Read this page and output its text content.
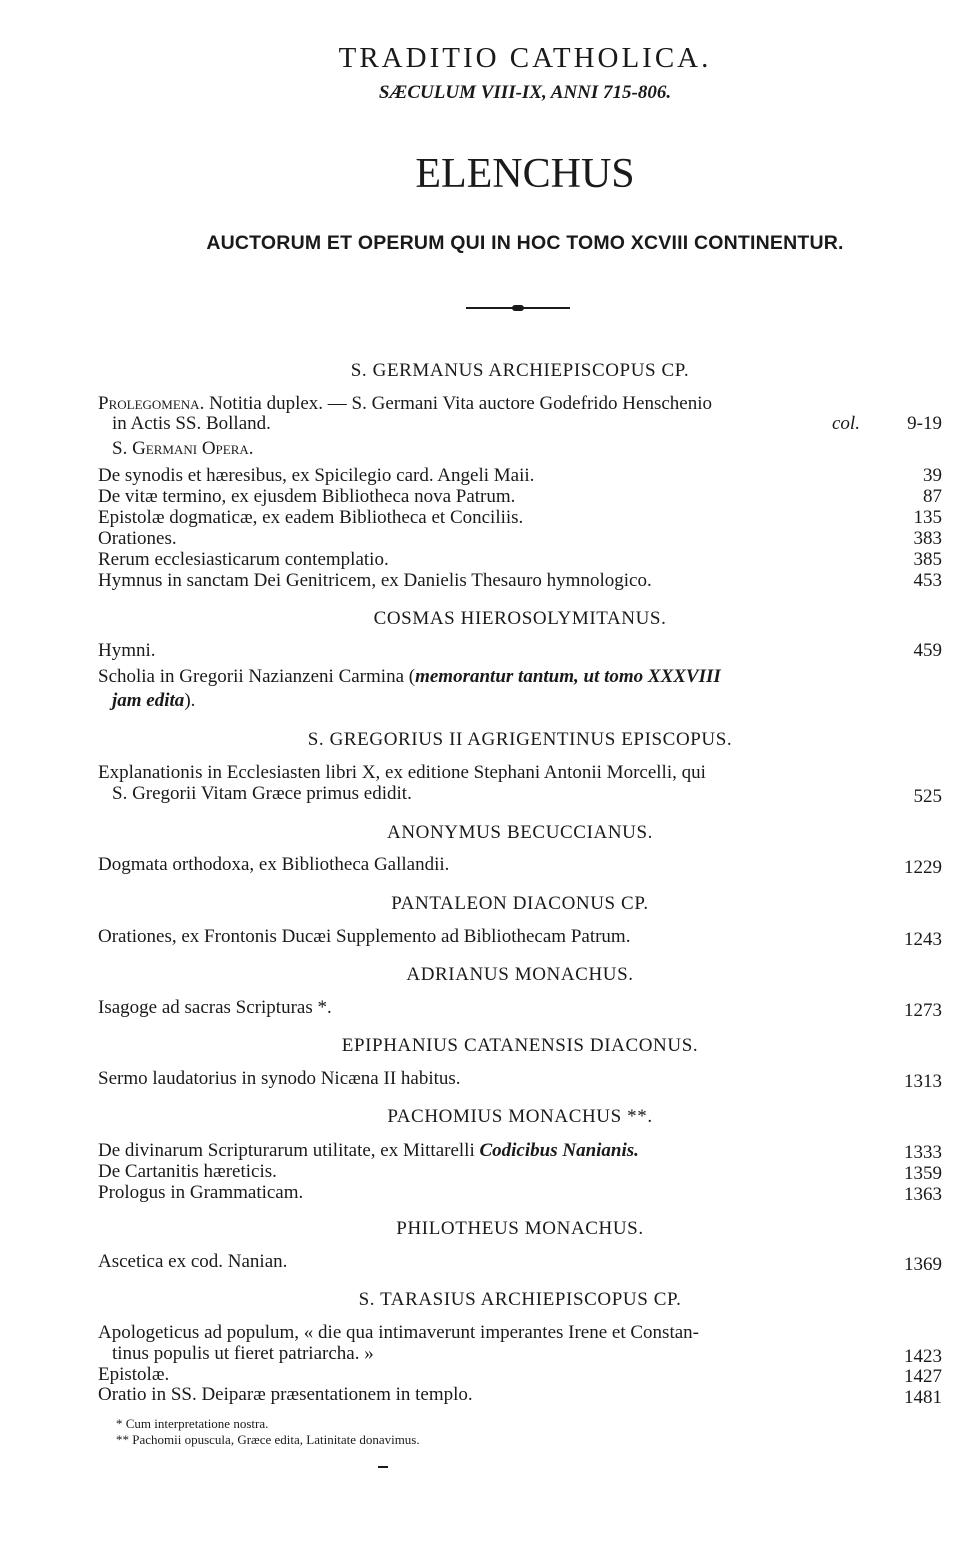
TRADITIO CATHOLICA.
SÆCULUM VIII-IX, ANNI 715-806.
ELENCHUS
AUCTORUM ET OPERUM QUI IN HOC TOMO XCVIII CONTINENTUR.
S. GERMANUS ARCHIEPISCOPUS CP.
Prolegomena. Notitia duplex. — S. Germani Vita auctore Godefrido Henschenio
in Actis SS. Bolland.	col. 9-19
S. Germani Opera.
De synodis et hæresibus, ex Spicilegio card. Angeli Maii.	39
De vitæ termino, ex ejusdem Bibliotheca nova Patrum.	87
Epistolæ dogmaticæ, ex eadem Bibliotheca et Conciliis.	135
Orationes.	383
Rerum ecclesiasticarum contemplatio.	385
Hymnus in sanctam Dei Genitricem, ex Danielis Thesauro hymnologico.	453
COSMAS HIEROSOLYMITANUS.
Hymni.	459
Scholia in Gregorii Nazianzeni Carmina (memorantur tantum, ut tomo XXXVIII
jam edita).
S. GREGORIUS II AGRIGENTINUS EPISCOPUS.
Explanationis in Ecclesiasten libri X, ex editione Stephani Antonii Morcelli, qui
S. Gregorii Vitam Græce primus edidit.	525
ANONYMUS BECUCCIANUS.
Dogmata orthodoxa, ex Bibliotheca Gallandii.	1229
PANTALEON DIACONUS CP.
Orationes, ex Frontonis Ducæi Supplemento ad Bibliothecam Patrum.	1243
ADRIANUS MONACHUS.
Isagoge ad sacras Scripturas *.	1273
EPIPHANIUS CATANENSIS DIACONUS.
Sermo laudatorius in synodo Nicæna II habitus.	1313
PACHOMIUS MONACHUS **.
De divinarum Scripturarum utilitate, ex Mittarelli Codicibus Nanianis.	1333
De Cartanitis hæreticis.	1359
Prologus in Grammaticam.	1363
PHILOTHEUS MONACHUS.
Ascetica ex cod. Nanian.	1369
S. TARASIUS ARCHIEPISCOPUS CP.
Apologeticus ad populum, « die qua intimaverunt imperantes Irene et Constan-
tinus populis ut fieret patriarcha. »	1423
Epistolæ.	1427
Oratio in SS. Deiparæ præsentationem in templo.	1481
* Cum interpretatione nostra.
** Pachomii opuscula, Græce edita, Latinitate donavimus.
